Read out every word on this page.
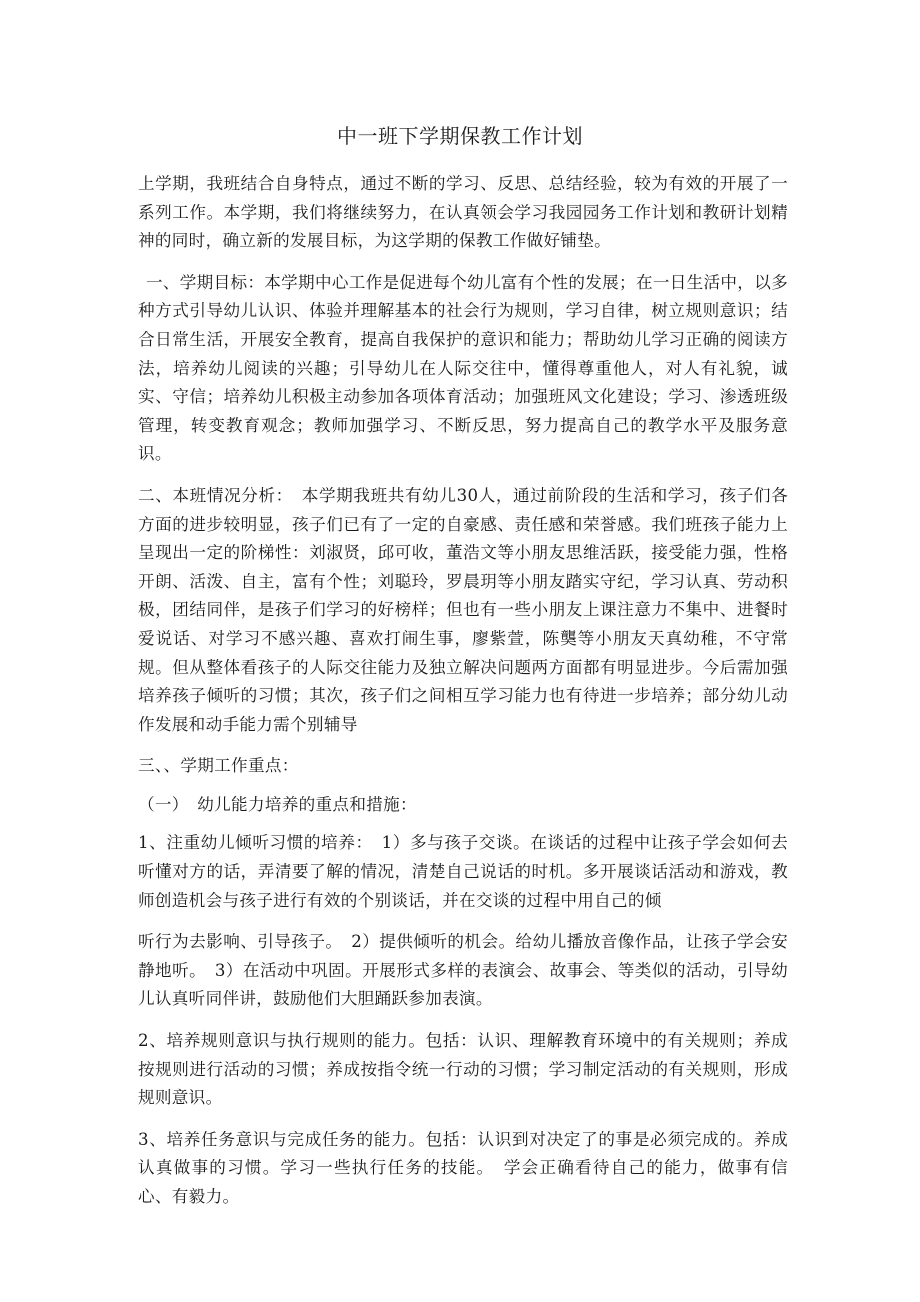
中一班下学期保教工作计划

上学期，我班结合自身特点，通过不断的学习、反思、总结经验，较为有效的开展了一系列工作。本学期，我们将继续努力，在认真领会学习我园园务工作计划和教研计划精神的同时，确立新的发展目标，为这学期的保教工作做好铺垫。

一、学期目标：本学期中心工作是促进每个幼儿富有个性的发展；在一日生活中，以多种方式引导幼儿认识、体验并理解基本的社会行为规则，学习自律，树立规则意识；结合日常生活，开展安全教育，提高自我保护的意识和能力；帮助幼儿学习正确的阅读方法，培养幼儿阅读的兴趣；引导幼儿在人际交往中，懂得尊重他人，对人有礼貌，诚实、守信；培养幼儿积极主动参加各项体育活动；加强班风文化建设；学习、渗透班级管理，转变教育观念；教师加强学习、不断反思，努力提高自己的教学水平及服务意识。

二、本班情况分析：　本学期我班共有幼儿30人，通过前阶段的生活和学习，孩子们各方面的进步较明显，孩子们已有了一定的自豪感、责任感和荣誉感。我们班孩子能力上呈现出一定的阶梯性：刘淑贤，邱可收，董浩文等小朋友思维活跃，接受能力强，性格开朗、活泼、自主，富有个性；刘聪玲，罗晨玥等小朋友踏实守纪，学习认真、劳动积极，团结同伴，是孩子们学习的好榜样；但也有一些小朋友上课注意力不集中、进餐时爱说话、对学习不感兴趣、喜欢打闹生事，廖紫萱，陈龑等小朋友天真幼稚，不守常规。但从整体看孩子的人际交往能力及独立解决问题两方面都有明显进步。今后需加强培养孩子倾听的习惯；其次，孩子们之间相互学习能力也有待进一步培养；部分幼儿动作发展和动手能力需个别辅导

三、、学期工作重点：

（一）　幼儿能力培养的重点和措施：

1、注重幼儿倾听习惯的培养：　1）多与孩子交谈。在谈话的过程中让孩子学会如何去听懂对方的话，弄清要了解的情况，清楚自己说话的时机。多开展谈话活动和游戏，教师创造机会与孩子进行有效的个别谈话，并在交谈的过程中用自己的倾

听行为去影响、引导孩子。　2）提供倾听的机会。给幼儿播放音像作品，让孩子学会安静地听。　3）在活动中巩固。开展形式多样的表演会、故事会、等类似的活动，引导幼儿认真听同伴讲，鼓励他们大胆踊跃参加表演。

2、培养规则意识与执行规则的能力。包括：认识、理解教育环境中的有关规则；养成按规则进行活动的习惯；养成按指令统一行动的习惯；学习制定活动的有关规则，形成规则意识。

3、培养任务意识与完成任务的能力。包括：认识到对决定了的事是必须完成的。养成认真做事的习惯。学习一些执行任务的技能。　学会正确看待自己的能力，做事有信心、有毅力。
